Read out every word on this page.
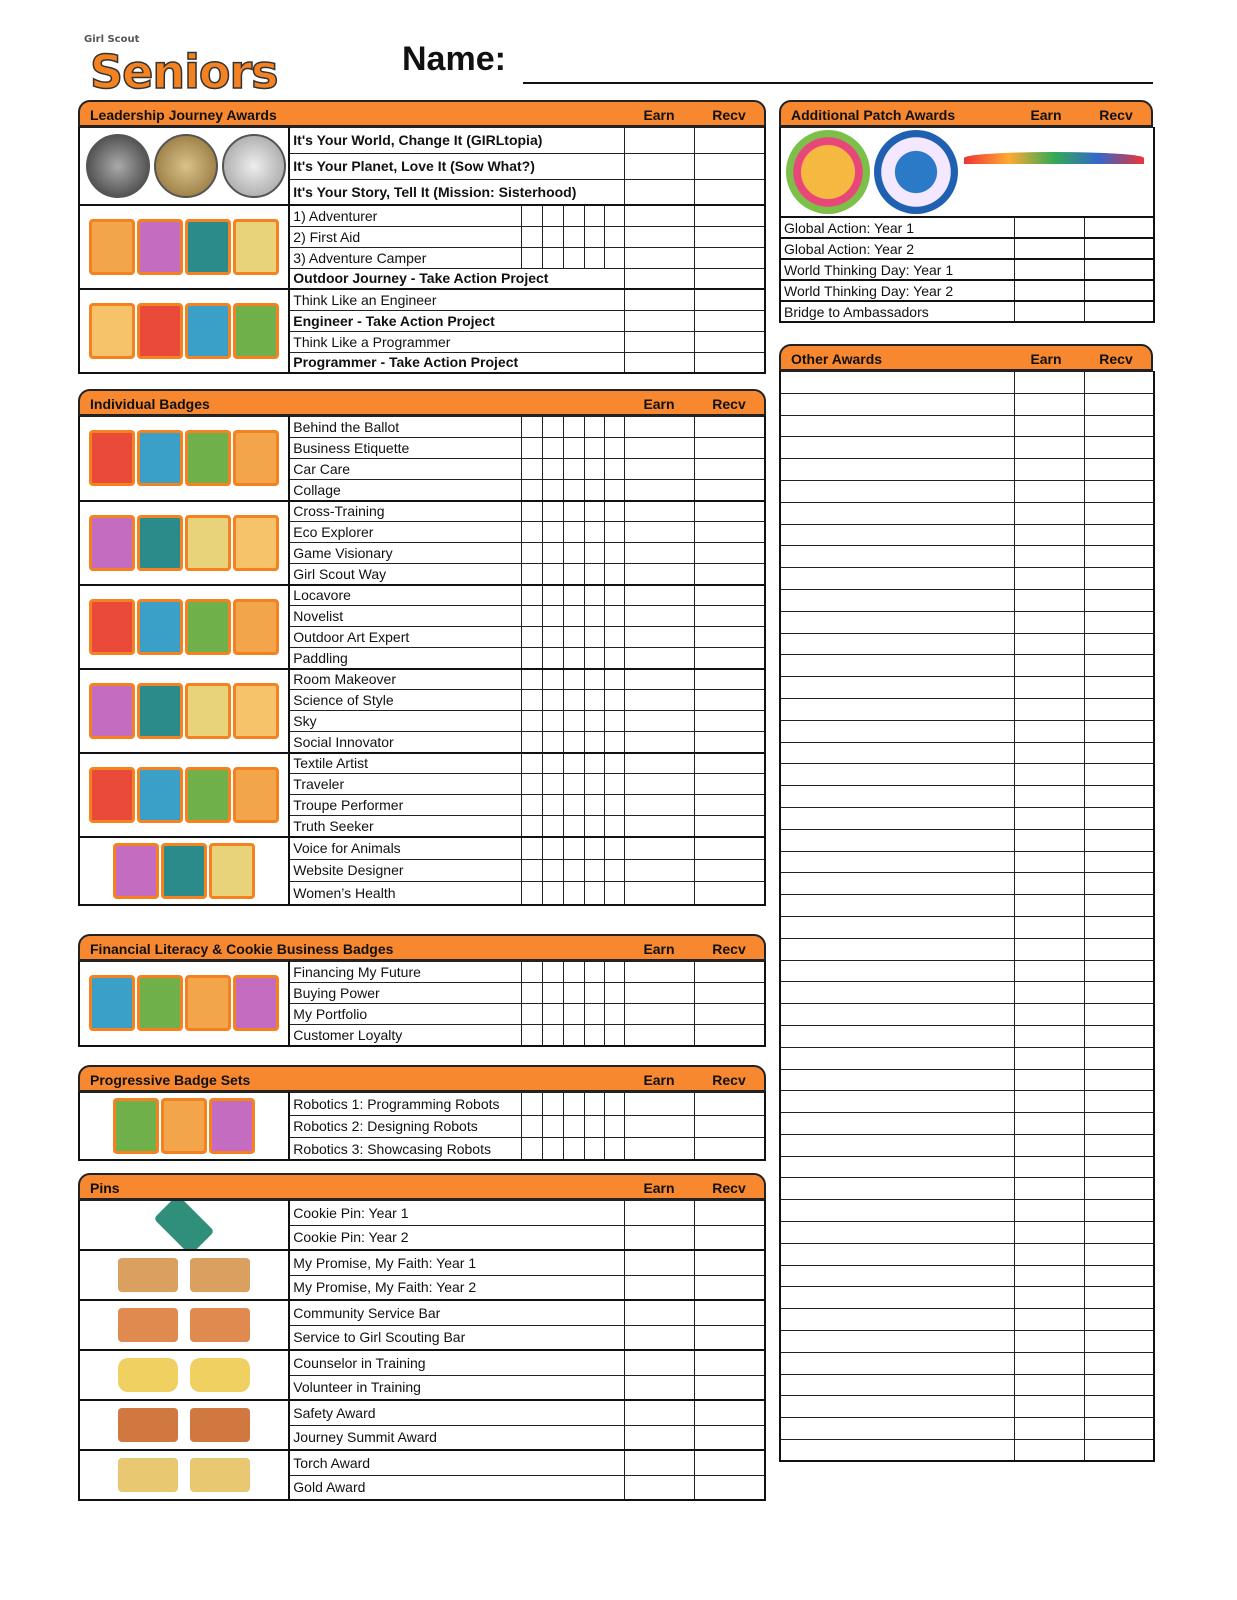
Girl Scout
Seniors	Name:
Leadership Journey Awards	Earn	Recv
	It's Your World, Change It (GIRLtopia)							
	It's Your Planet, Love It (Sow What?)							
	It's Your Story, Tell It (Mission: Sisterhood)							
	1) Adventurer							
	2) First Aid							
	3) Adventure Camper							
	Outdoor Journey - Take Action Project							
	Think Like an Engineer							
	Engineer - Take Action Project							
	Think Like a Programmer							
	Programmer - Take Action Project							
Individual Badges	Earn	Recv
	Behind the Ballot							
	Business Etiquette							
	Car Care							
	Collage							
	Cross-Training							
	Eco Explorer							
	Game Visionary							
	Girl Scout Way							
	Locavore							
	Novelist							
	Outdoor Art Expert							
	Paddling							
	Room Makeover							
	Science of Style							
	Sky							
	Social Innovator							
	Textile Artist							
	Traveler							
	Troupe Performer							
	Truth Seeker							
	Voice for Animals							
	Website Designer							
	Women’s Health							
Financial Literacy & Cookie Business Badges	Earn	Recv
	Financing My Future							
	Buying Power							
	My Portfolio							
	Customer Loyalty							
Progressive Badge Sets	Earn	Recv
	Robotics 1: Programming Robots							
	Robotics 2: Designing Robots							
	Robotics 3: Showcasing Robots							
Pins	Earn	Recv
	Cookie Pin: Year 1		
	Cookie Pin: Year 2		
	My Promise, My Faith: Year 1		
	My Promise, My Faith: Year 2		
	Community Service Bar		
	Service to Girl Scouting Bar		
	Counselor in Training		
	Volunteer in Training		
	Safety Award		
	Journey Summit Award		
	Torch Award		
	Gold Award		
Additional Patch Awards	Earn	Recv

Global Action: Year 1		
Global Action: Year 2		
World Thinking Day: Year 1		
World Thinking Day: Year 2		
Bridge to Ambassadors		
Other Awards	Earn	Recv
